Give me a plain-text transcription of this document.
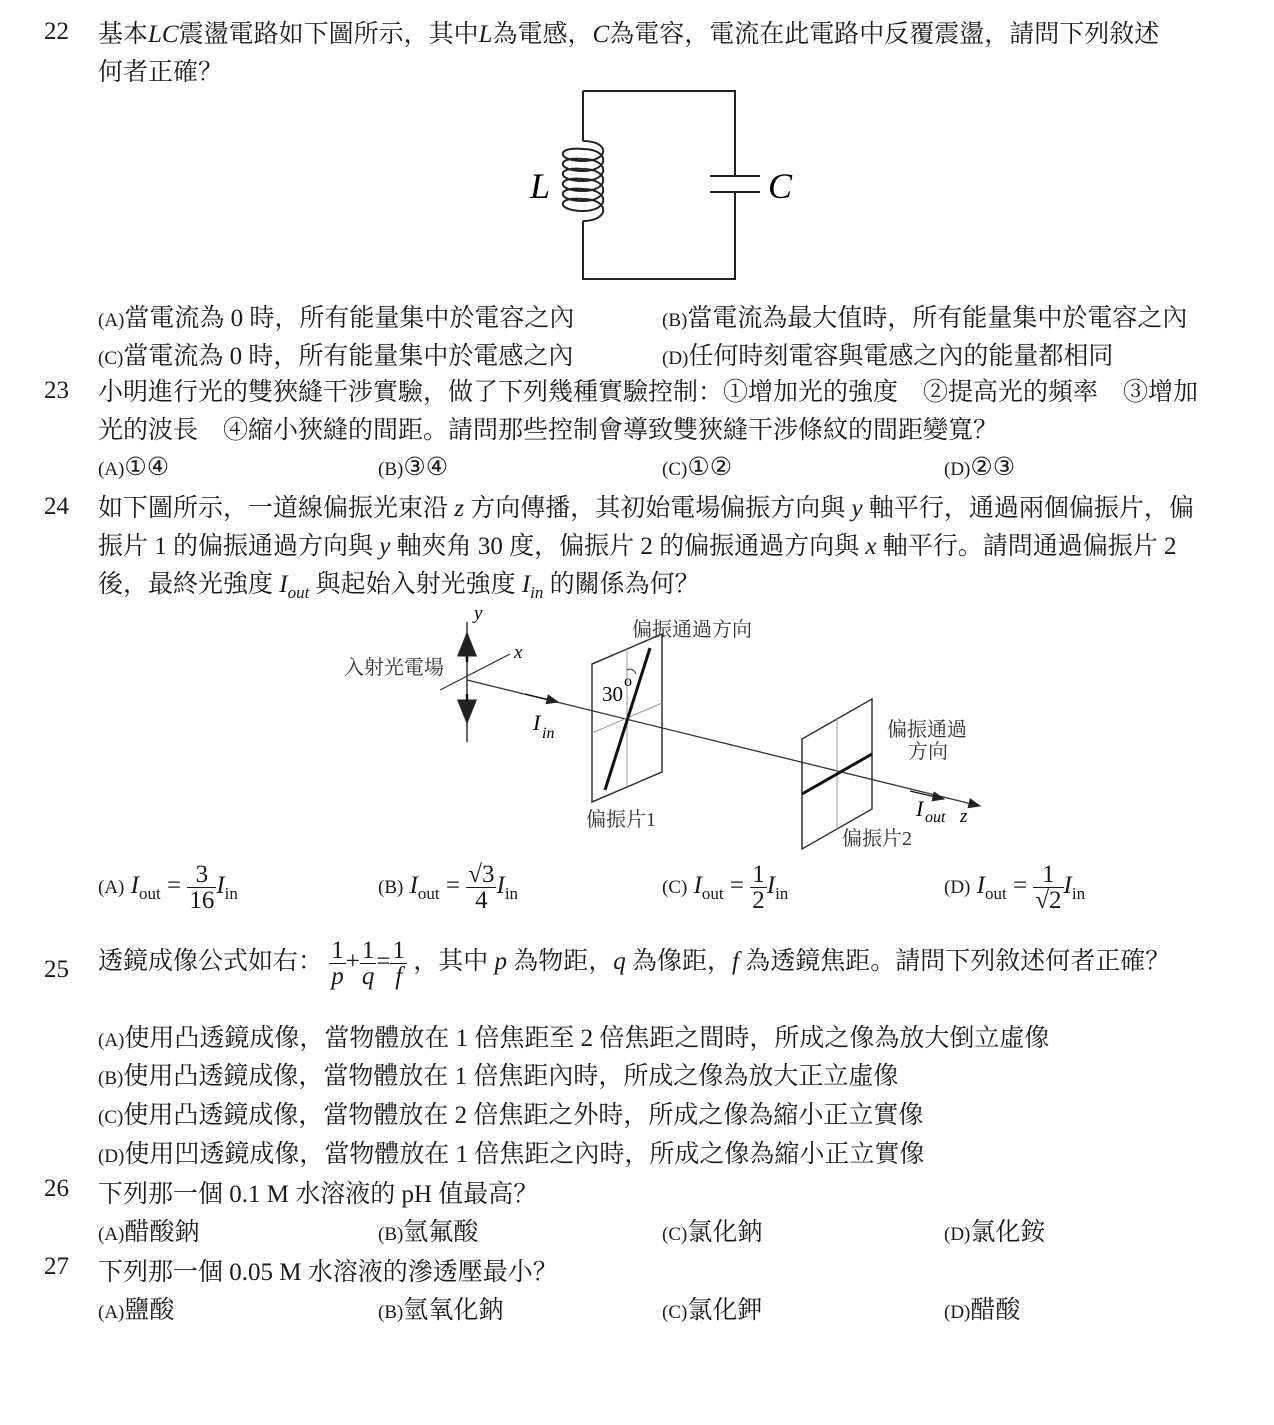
22 基本LC震盪電路如下圖所示，其中L為電感，C為電容，電流在此電路中反覆震盪，請問下列敘述
何者正確？
L	C
(A)當電流為 0 時，所有能量集中於電容之內	(B)當電流為最大值時，所有能量集中於電容之內
(C)當電流為 0 時，所有能量集中於電感之內	(D)任何時刻電容與電感之內的能量都相同
23 小明進行光的雙狹縫干涉實驗，做了下列幾種實驗控制：①增加光的強度　②提高光的頻率　③增加
光的波長　④縮小狹縫的間距。請問那些控制會導致雙狹縫干涉條紋的間距變寬？
(A)①④	(B)③④	(C)①②	(D)②③
24 如下圖所示，一道線偏振光束沿 z 方向傳播，其初始電場偏振方向與 y 軸平行，通過兩個偏振片，偏
振片 1 的偏振通過方向與 y 軸夾角 30 度，偏振片 2 的偏振通過方向與 x 軸平行。請問通過偏振片 2
後，最終光強度 $I_{out}$ 與起始入射光強度 $I_{in}$ 的關係為何？
y
x
入射光電場
偏振通過方向
30
o
I in
偏振片1
偏振通過
方向
I out z
偏振片2
(A) $I_{out} = \frac{3}{16} I_{in}$	(B) $I_{out} = \frac{√3}{4} I_{in}$	(C) $I_{out} = \frac{1}{2} I_{in}$	(D) $I_{out} = \frac{1}{√2} I_{in}$
25 透鏡成像公式如右： $\frac{1}{p} + \frac{1}{q} = \frac{1}{f}$ ，其中 p 為物距，q 為像距，f 為透鏡焦距。請問下列敘述何者正確？
(A)使用凸透鏡成像，當物體放在 1 倍焦距至 2 倍焦距之間時，所成之像為放大倒立虛像
(B)使用凸透鏡成像，當物體放在 1 倍焦距內時，所成之像為放大正立虛像
(C)使用凸透鏡成像，當物體放在 2 倍焦距之外時，所成之像為縮小正立實像
(D)使用凹透鏡成像，當物體放在 1 倍焦距之內時，所成之像為縮小正立實像
26 下列那一個 0.1 M 水溶液的 pH 值最高？
(A)醋酸鈉	(B)氫氟酸	(C)氯化鈉	(D)氯化銨
27 下列那一個 0.05 M 水溶液的滲透壓最小？
(A)鹽酸	(B)氫氧化鈉	(C)氯化鉀	(D)醋酸
